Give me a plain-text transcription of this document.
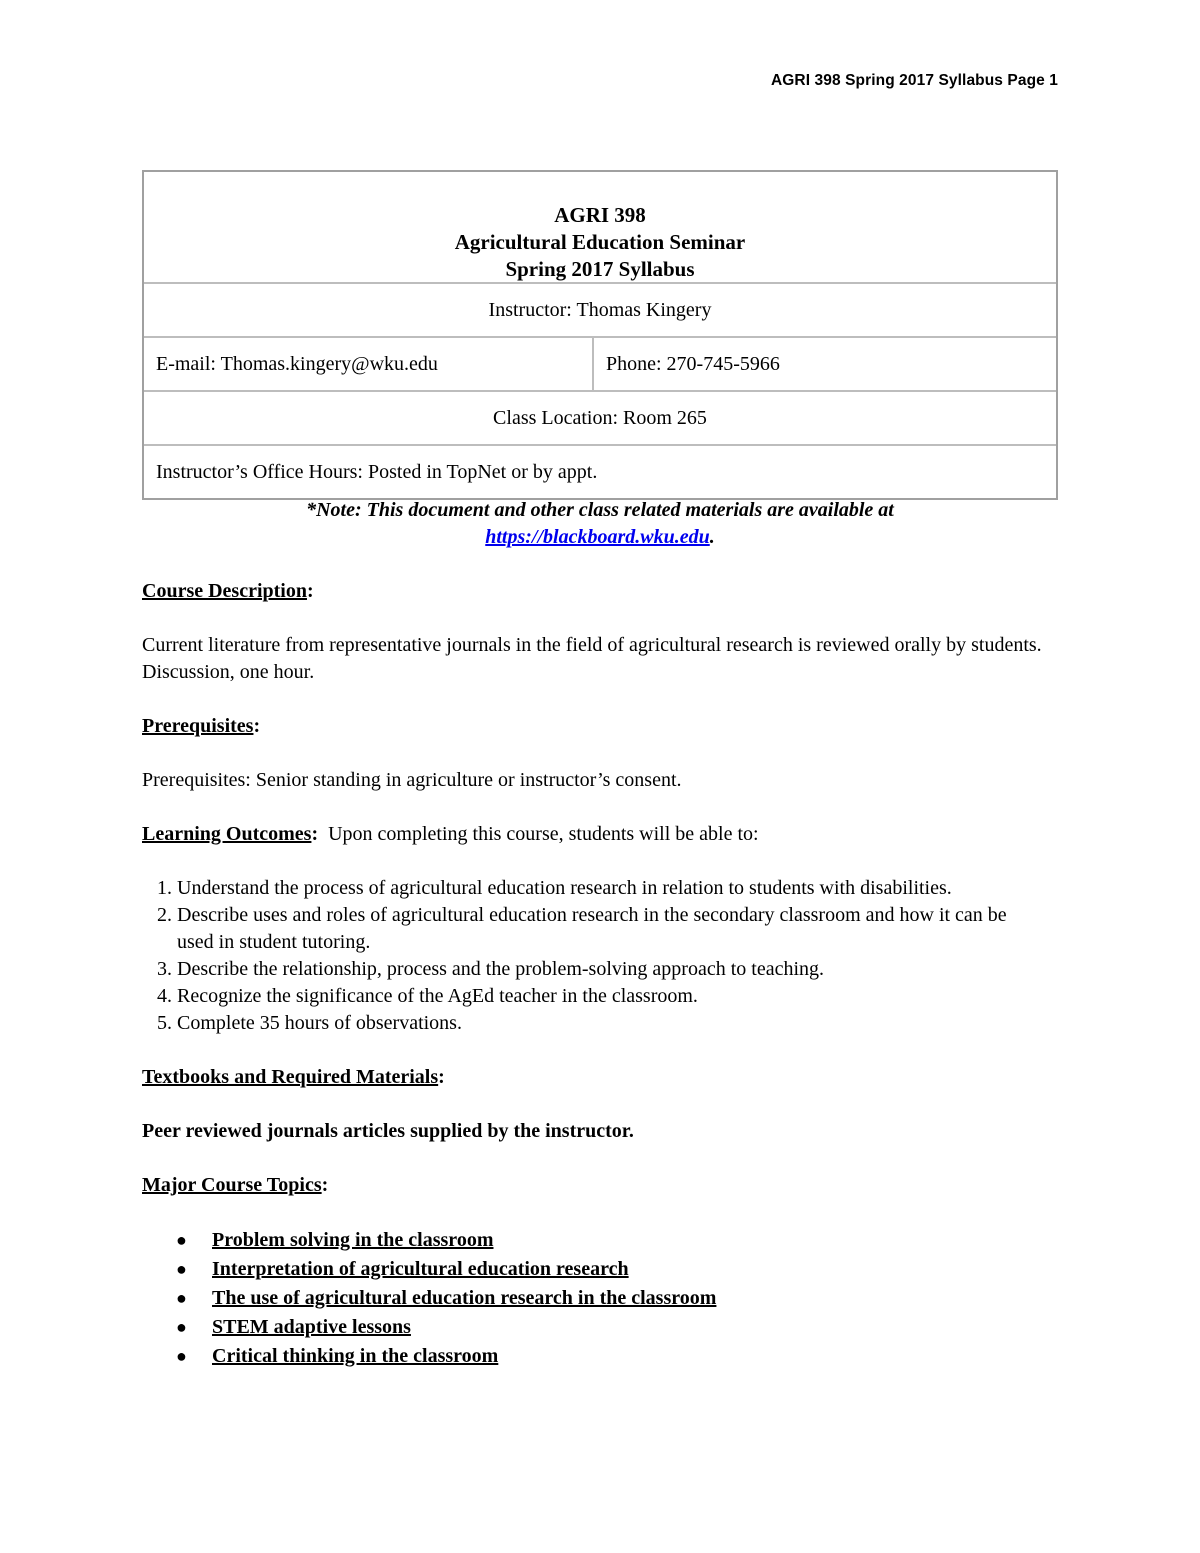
AGRI 398 Spring 2017 Syllabus Page 1
AGRI 398
Agricultural Education Seminar
Spring 2017 Syllabus
Instructor: Thomas Kingery
E-mail: Thomas.kingery@wku.edu	Phone: 270-745-5966
Class Location: Room 265
Instructor’s Office Hours: Posted in TopNet or by appt.
*Note: This document and other class related materials are available at
https://blackboard.wku.edu.

Course Description:

Current literature from representative journals in the field of agricultural research is reviewed orally by students. Discussion, one hour.

Prerequisites:

Prerequisites: Senior standing in agriculture or instructor’s consent.

Learning Outcomes:  Upon completing this course, students will be able to:

1. Understand the process of agricultural education research in relation to students with disabilities.
2. Describe uses and roles of agricultural education research in the secondary classroom and how it can be used in student tutoring.
3. Describe the relationship, process and the problem-solving approach to teaching.
4. Recognize the significance of the AgEd teacher in the classroom.
5. Complete 35 hours of observations.

Textbooks and Required Materials:

Peer reviewed journals articles supplied by the instructor.

Major Course Topics:

● Problem solving in the classroom
● Interpretation of agricultural education research
● The use of agricultural education research in the classroom
● STEM adaptive lessons
● Critical thinking in the classroom
